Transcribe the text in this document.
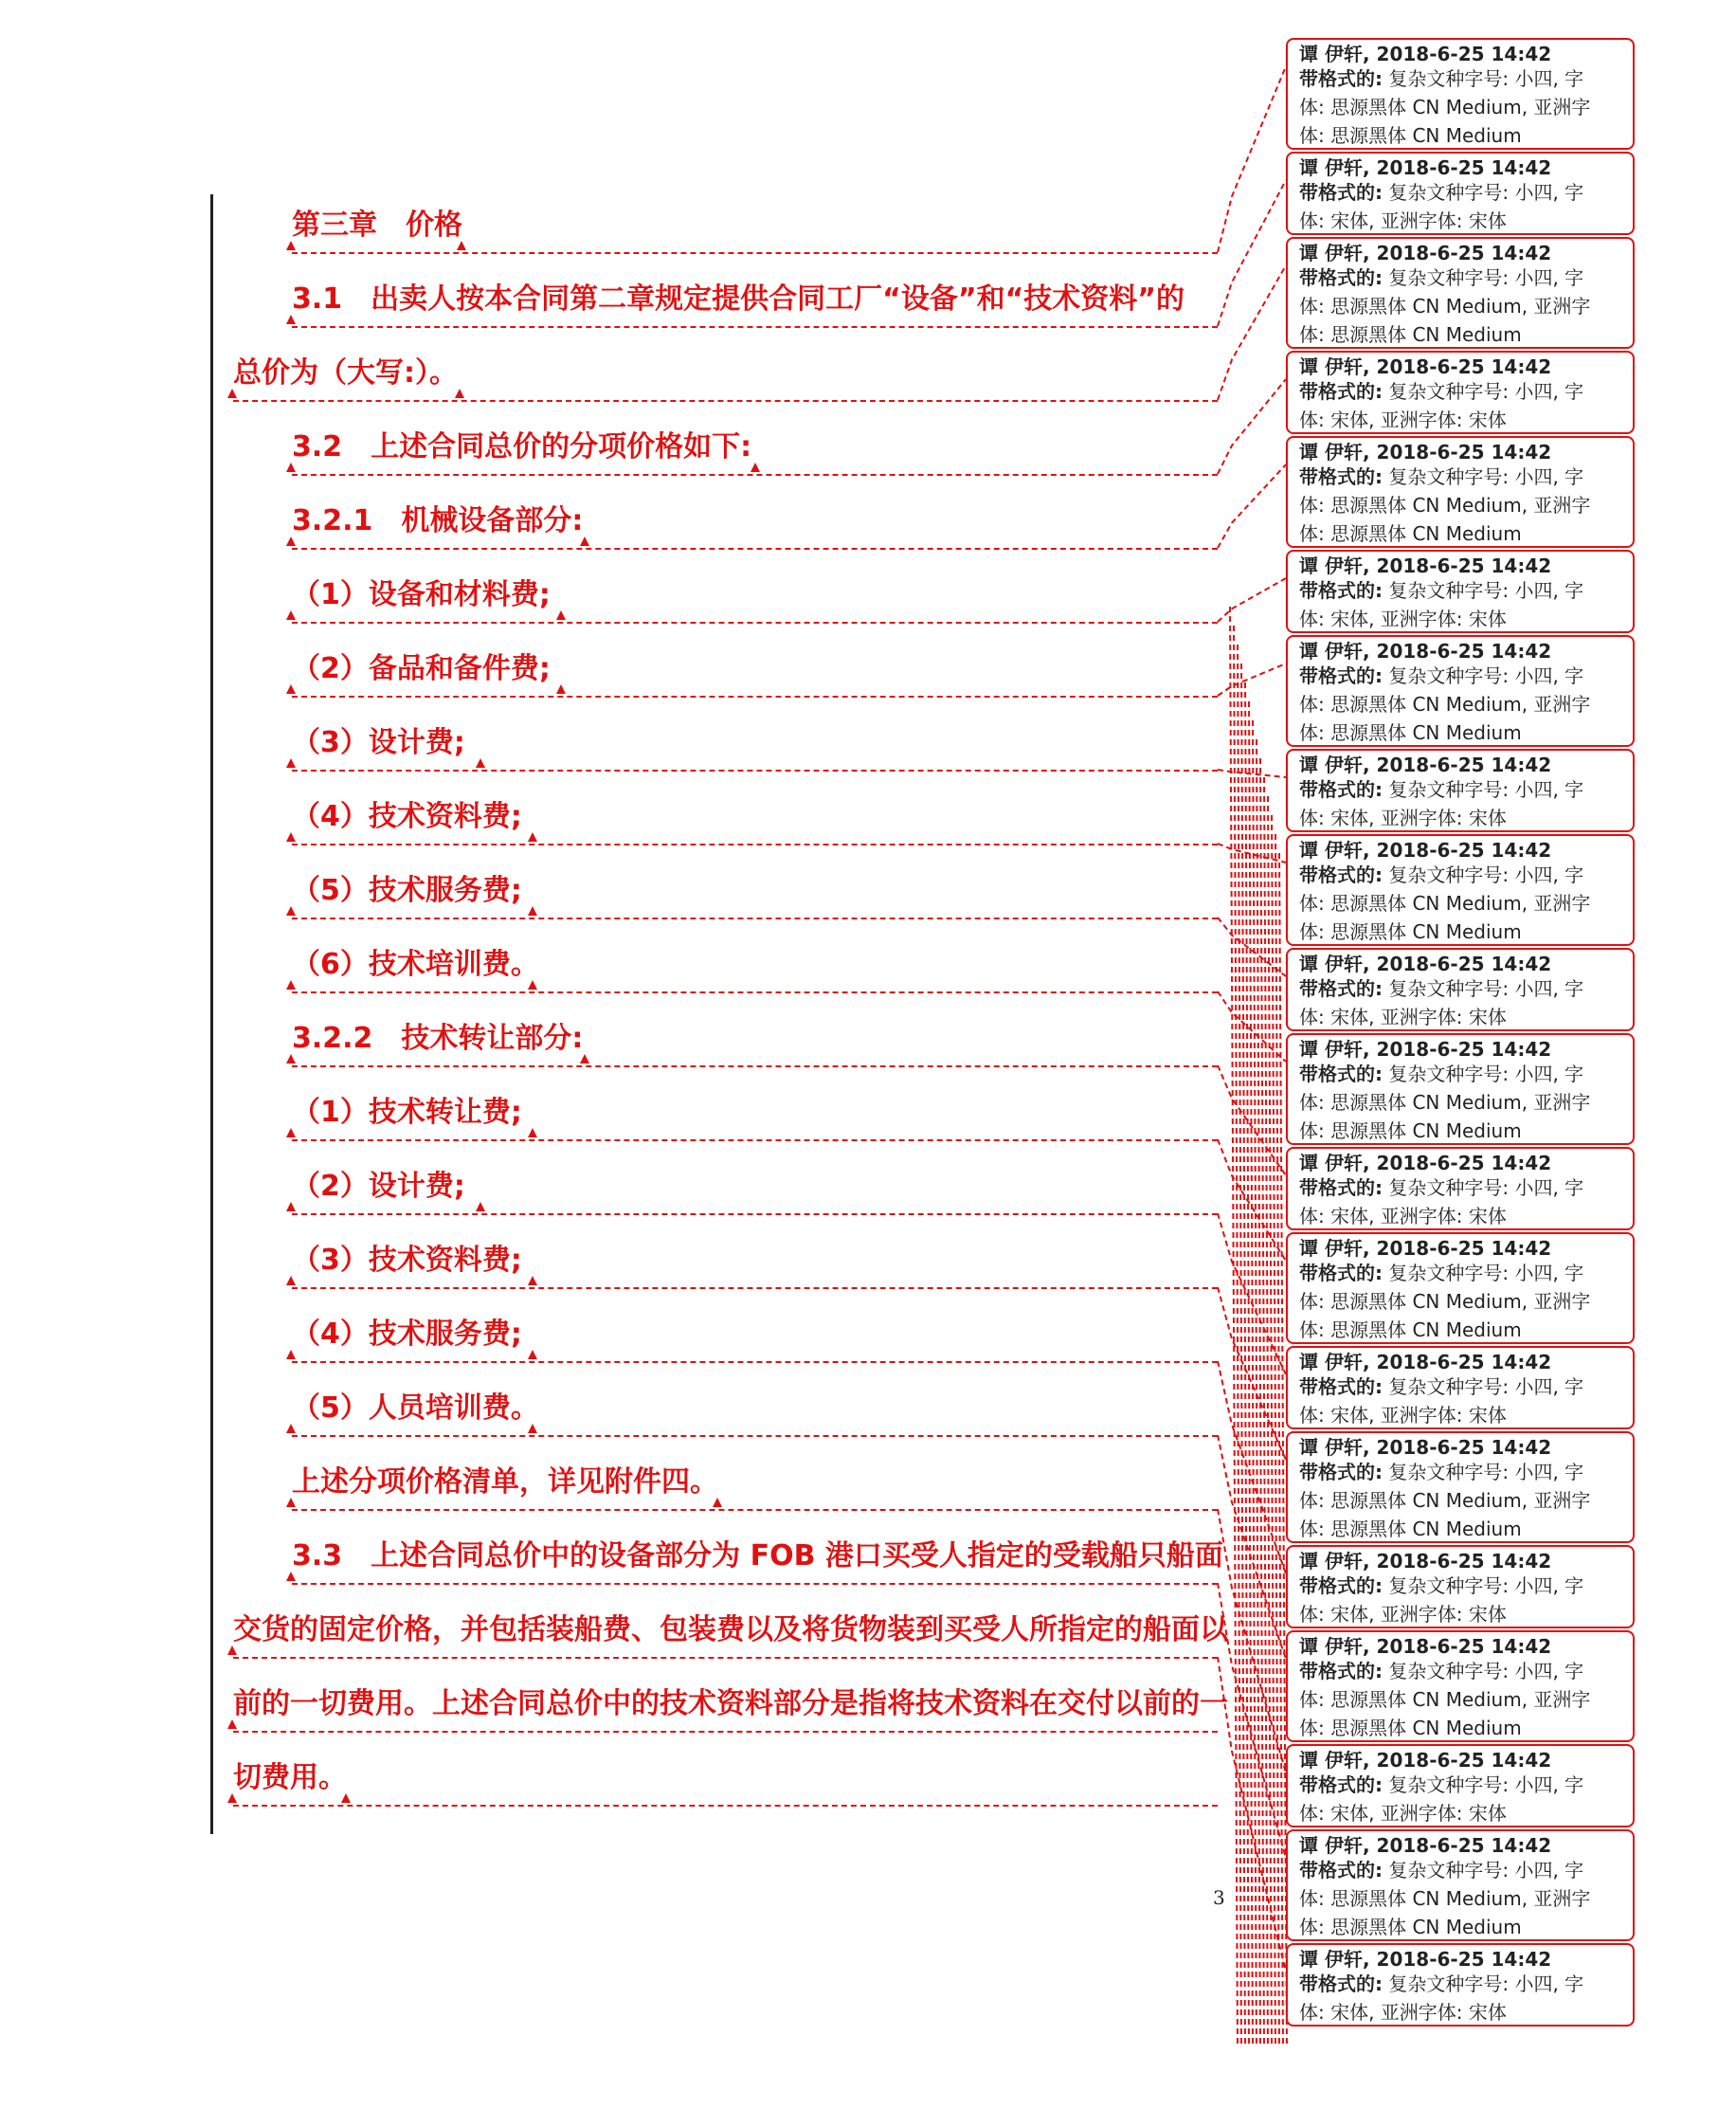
第三章　价格
3.1　出卖人按本合同第二章规定提供合同工厂“设备”和“技术资料”的
总价为（大写:）。
3.2　上述合同总价的分项价格如下:
3.2.1　机械设备部分:
（1）设备和材料费;
（2）备品和备件费;
（3）设计费;
（4）技术资料费;
（5）技术服务费;
（6）技术培训费。
3.2.2　技术转让部分:
（1）技术转让费;
（2）设计费;
（3）技术资料费;
（4）技术服务费;
（5）人员培训费。
上述分项价格清单，详见附件四。
3.3　上述合同总价中的设备部分为 FOB 港口买受人指定的受载船只船面
交货的固定价格，并包括装船费、包装费以及将货物装到买受人所指定的船面以
前的一切费用。上述合同总价中的技术资料部分是指将技术资料在交付以前的一
切费用。
谭 伊轩, 2018-6-25 14:42
带格式的: 复杂文种字号: 小四, 字
体: 思源黑体 CN Medium, 亚洲字
体: 思源黑体 CN Medium
谭 伊轩, 2018-6-25 14:42
带格式的: 复杂文种字号: 小四, 字
体: 宋体, 亚洲字体: 宋体
谭 伊轩, 2018-6-25 14:42
带格式的: 复杂文种字号: 小四, 字
体: 思源黑体 CN Medium, 亚洲字
体: 思源黑体 CN Medium
谭 伊轩, 2018-6-25 14:42
带格式的: 复杂文种字号: 小四, 字
体: 宋体, 亚洲字体: 宋体
谭 伊轩, 2018-6-25 14:42
带格式的: 复杂文种字号: 小四, 字
体: 思源黑体 CN Medium, 亚洲字
体: 思源黑体 CN Medium
谭 伊轩, 2018-6-25 14:42
带格式的: 复杂文种字号: 小四, 字
体: 宋体, 亚洲字体: 宋体
谭 伊轩, 2018-6-25 14:42
带格式的: 复杂文种字号: 小四, 字
体: 思源黑体 CN Medium, 亚洲字
体: 思源黑体 CN Medium
谭 伊轩, 2018-6-25 14:42
带格式的: 复杂文种字号: 小四, 字
体: 宋体, 亚洲字体: 宋体
谭 伊轩, 2018-6-25 14:42
带格式的: 复杂文种字号: 小四, 字
体: 思源黑体 CN Medium, 亚洲字
体: 思源黑体 CN Medium
谭 伊轩, 2018-6-25 14:42
带格式的: 复杂文种字号: 小四, 字
体: 宋体, 亚洲字体: 宋体
谭 伊轩, 2018-6-25 14:42
带格式的: 复杂文种字号: 小四, 字
体: 思源黑体 CN Medium, 亚洲字
体: 思源黑体 CN Medium
谭 伊轩, 2018-6-25 14:42
带格式的: 复杂文种字号: 小四, 字
体: 宋体, 亚洲字体: 宋体
谭 伊轩, 2018-6-25 14:42
带格式的: 复杂文种字号: 小四, 字
体: 思源黑体 CN Medium, 亚洲字
体: 思源黑体 CN Medium
谭 伊轩, 2018-6-25 14:42
带格式的: 复杂文种字号: 小四, 字
体: 宋体, 亚洲字体: 宋体
谭 伊轩, 2018-6-25 14:42
带格式的: 复杂文种字号: 小四, 字
体: 思源黑体 CN Medium, 亚洲字
体: 思源黑体 CN Medium
谭 伊轩, 2018-6-25 14:42
带格式的: 复杂文种字号: 小四, 字
体: 宋体, 亚洲字体: 宋体
谭 伊轩, 2018-6-25 14:42
带格式的: 复杂文种字号: 小四, 字
体: 思源黑体 CN Medium, 亚洲字
体: 思源黑体 CN Medium
谭 伊轩, 2018-6-25 14:42
带格式的: 复杂文种字号: 小四, 字
体: 宋体, 亚洲字体: 宋体
谭 伊轩, 2018-6-25 14:42
带格式的: 复杂文种字号: 小四, 字
体: 思源黑体 CN Medium, 亚洲字
体: 思源黑体 CN Medium
谭 伊轩, 2018-6-25 14:42
带格式的: 复杂文种字号: 小四, 字
体: 宋体, 亚洲字体: 宋体
3
